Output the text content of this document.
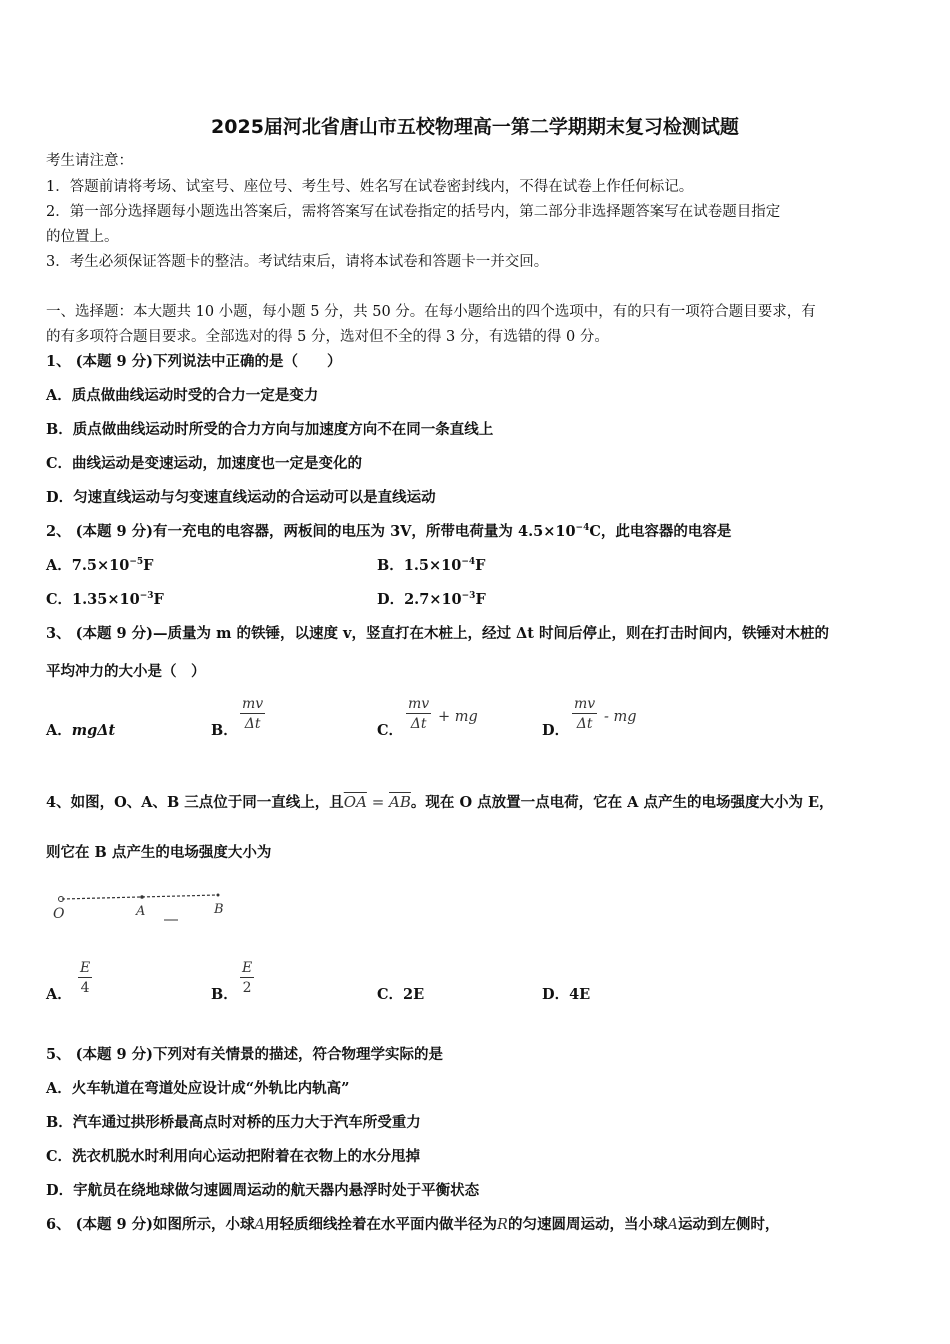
2025届河北省唐山市五校物理高一第二学期期末复习检测试题
考生请注意：
1．答题前请将考场、试室号、座位号、考生号、姓名写在试卷密封线内，不得在试卷上作任何标记。
2．第一部分选择题每小题选出答案后，需将答案写在试卷指定的括号内，第二部分非选择题答案写在试卷题目指定
的位置上。
3．考生必须保证答题卡的整洁。考试结束后，请将本试卷和答题卡一并交回。
一、选择题：本大题共 10 小题，每小题 5 分，共 50 分。在每小题给出的四个选项中，有的只有一项符合题目要求，有
的有多项符合题目要求。全部选对的得 5 分，选对但不全的得 3 分，有选错的得 0 分。
1、 (本题 9 分)下列说法中正确的是（　　）
A．质点做曲线运动时受的合力一定是变力
B．质点做曲线运动时所受的合力方向与加速度方向不在同一条直线上
C．曲线运动是变速运动，加速度也一定是变化的
D．匀速直线运动与匀变速直线运动的合运动可以是直线运动
2、 (本题 9 分)有一充电的电容器，两板间的电压为 3V，所带电荷量为 $4.5\times 10^{-4}C$，此电容器的电容是
A．$7.5\times 10^{-5}F$	B．$1.5\times 10^{-4}F$
C．$1.35\times 10^{-3}F$	D．$2.7\times 10^{-3}F$
3、 (本题 9 分)—质量为 m 的铁锤，以速度 v，竖直打在木桩上，经过 Δt 时间后停止，则在打击时间内，铁锤对木桩的
平均冲力的大小是（　）
A．mgΔt	B． $\frac{mv}{\Delta t}$	C． $\frac{mv}{\Delta t}$ + mg
D． $\frac{mv}{\Delta t}$ - mg
4、如图，O、A、B 三点位于同一直线上，且$\overline{OA} = \overline{AB}$。现在 O 点放置一点电荷，它在 A 点产生的电场强度大小为 E，
则它在 B 点产生的电场强度大小为
O	A	B
A． $\frac{E}{4}$	B． $\frac{E}{2}$	C．2E	D．4E
5、 (本题 9 分)下列对有关情景的描述，符合物理学实际的是
A．火车轨道在弯道处应设计成“外轨比内轨高”
B．汽车通过拱形桥最高点时对桥的压力大于汽车所受重力
C．洗衣机脱水时利用向心运动把附着在衣物上的水分甩掉
D．宇航员在绕地球做匀速圆周运动的航天器内悬浮时处于平衡状态
6、 (本题 9 分)如图所示，小球A用轻质细线拴着在水平面内做半径为R的匀速圆周运动，当小球A运动到左侧时，
